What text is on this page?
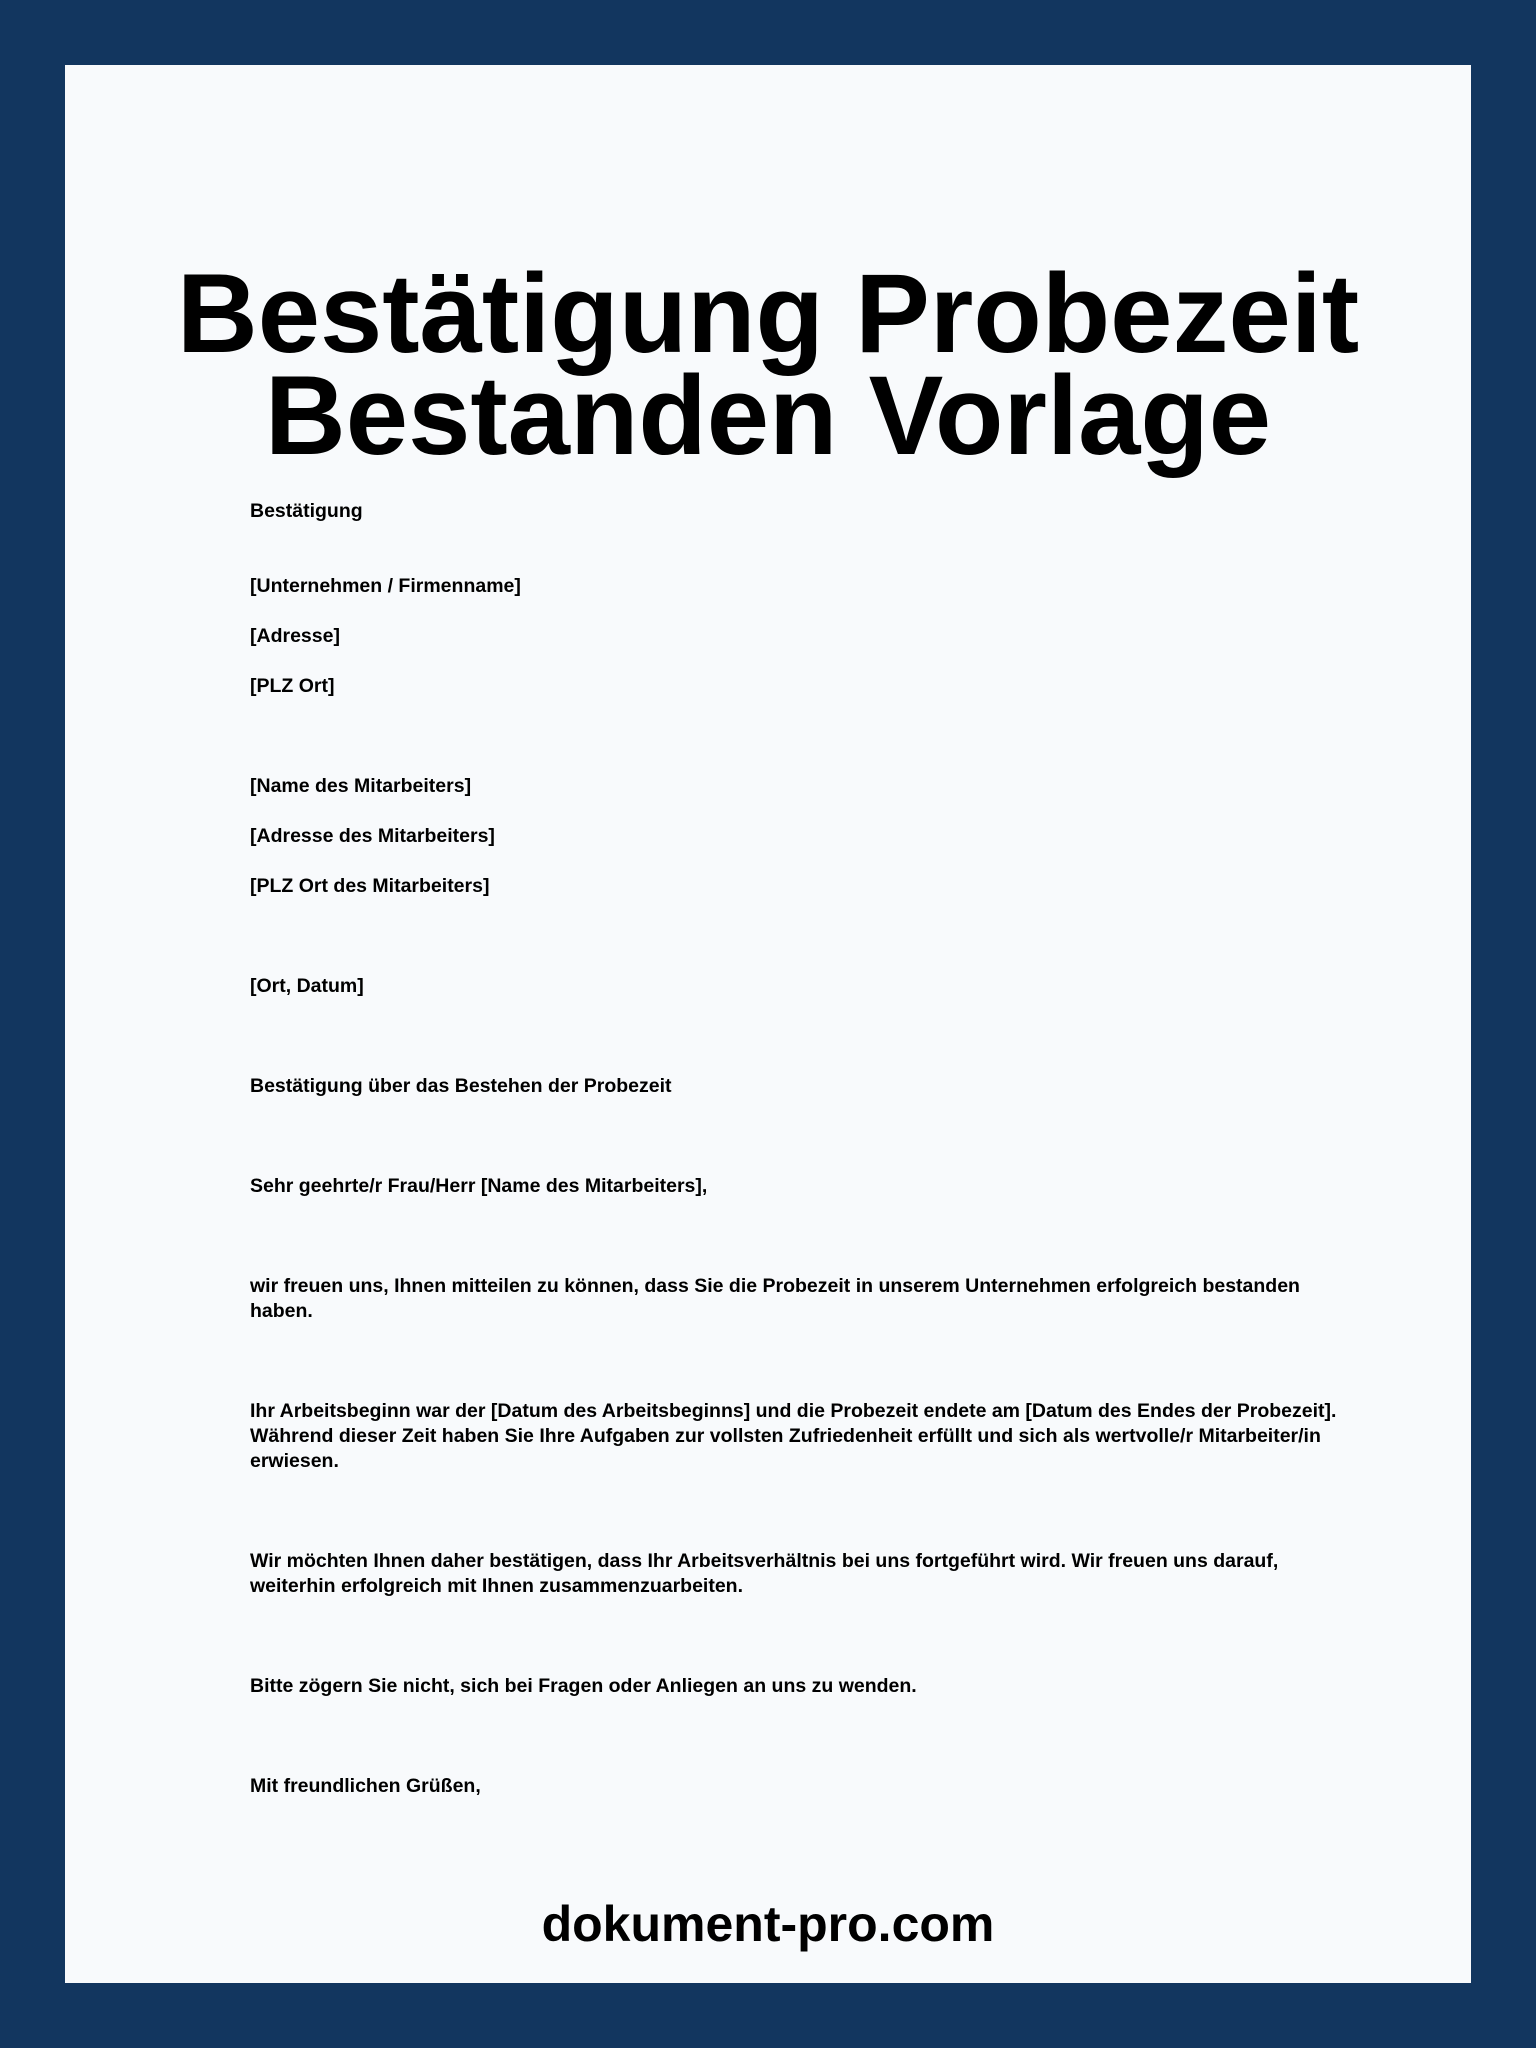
Bestätigung Probezeit
Bestanden Vorlage

Bestätigung

[Unternehmen / Firmenname]

[Adresse]

[PLZ Ort]

[Name des Mitarbeiters]

[Adresse des Mitarbeiters]

[PLZ Ort des Mitarbeiters]

[Ort, Datum]

Bestätigung über das Bestehen der Probezeit

Sehr geehrte/r Frau/Herr [Name des Mitarbeiters],

wir freuen uns, Ihnen mitteilen zu können, dass Sie die Probezeit in unserem Unternehmen erfolgreich bestanden haben.

Ihr Arbeitsbeginn war der [Datum des Arbeitsbeginns] und die Probezeit endete am [Datum des Endes der Probezeit]. Während dieser Zeit haben Sie Ihre Aufgaben zur vollsten Zufriedenheit erfüllt und sich als wertvolle/r Mitarbeiter/in erwiesen.

Wir möchten Ihnen daher bestätigen, dass Ihr Arbeitsverhältnis bei uns fortgeführt wird. Wir freuen uns darauf, weiterhin erfolgreich mit Ihnen zusammenzuarbeiten.

Bitte zögern Sie nicht, sich bei Fragen oder Anliegen an uns zu wenden.

Mit freundlichen Grüßen,

dokument-pro.com
